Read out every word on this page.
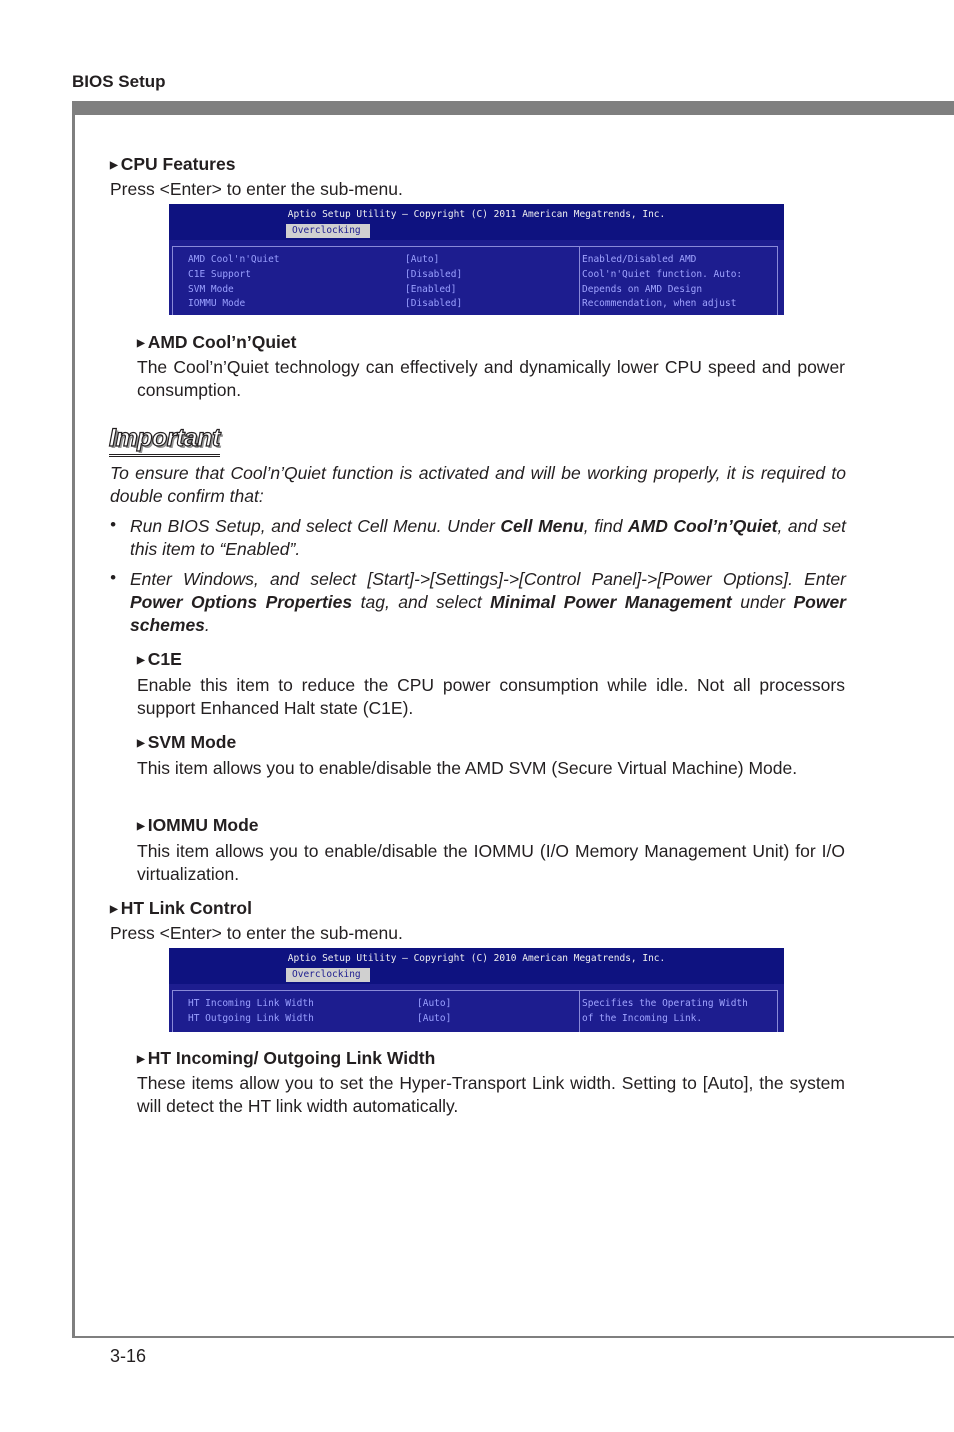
BIOS Setup
▶ CPU Features
Press <Enter> to enter the sub-menu.
Aptio Setup Utility – Copyright (C) 2011 American Megatrends, Inc.
Overclocking
AMD Cool'n'Quiet	[Auto]
C1E Support	[Disabled]
SVM Mode	[Enabled]
IOMMU Mode	[Disabled]
Enabled/Disabled AMD
Cool'n'Quiet function. Auto:
Depends on AMD Design
Recommendation, when adjust
▶ AMD Cool’n’Quiet
The Cool’n’Quiet technology can effectively and dynamically lower CPU speed and power consumption.
Important
To ensure that Cool’n’Quiet function is activated and will be working properly, it is required to double confirm that:
• Run BIOS Setup, and select Cell Menu. Under Cell Menu, find AMD Cool’n’Quiet, and set this item to “Enabled”.
• Enter Windows, and select [Start]->[Settings]->[Control Panel]->[Power Options]. Enter Power Options Properties tag, and select Minimal Power Management under Power schemes.
▶ C1E
Enable this item to reduce the CPU power consumption while idle. Not all processors support Enhanced Halt state (C1E).
▶ SVM Mode
This item allows you to enable/disable the AMD SVM (Secure Virtual Machine) Mode.
▶ IOMMU Mode
This item allows you to enable/disable the IOMMU (I/O Memory Management Unit) for I/O virtualization.
▶ HT Link Control
Press <Enter> to enter the sub-menu.
Aptio Setup Utility – Copyright (C) 2010 American Megatrends, Inc.
Overclocking
HT Incoming Link Width	[Auto]
HT Outgoing Link Width	[Auto]
Specifies the Operating Width
of the Incoming Link.
▶ HT Incoming/ Outgoing Link Width
These items allow you to set the Hyper-Transport Link width. Setting to [Auto], the system will detect the HT link width automatically.
3-16
